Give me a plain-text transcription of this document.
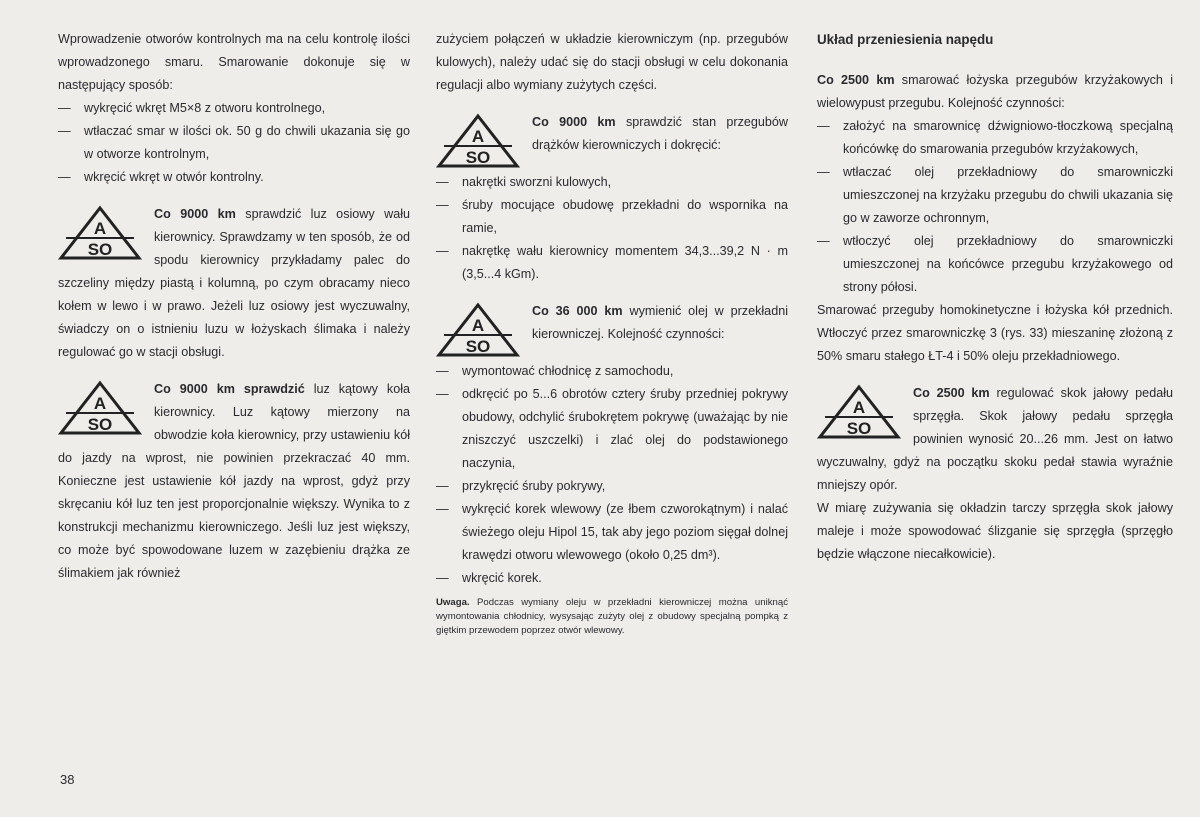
Wprowadzenie otworów kontrolnych ma na celu kontrolę ilości wprowadzonego smaru. Smarowanie dokonuje się w następujący sposób:

— wykręcić wkręt M5×8 z otworu kontrolnego,
— wtłaczać smar w ilości ok. 50 g do chwili ukazania się go w otworze kontrolnym,
— wkręcić wkręt w otwór kontrolny.
A
SO

Co 9000 km sprawdzić luz osiowy wału kierownicy. Sprawdzamy w ten sposób, że od spodu kierownicy przykładamy palec do szczeliny między piastą i kolumną, po czym obracamy nieco kołem w lewo i w prawo. Jeżeli luz osiowy jest wyczuwalny, świadczy on o istnieniu luzu w łożyskach ślimaka i należy regulować go w stacji obsługi.

A
SO

Co 9000 km sprawdzić luz kątowy koła kierownicy. Luz kątowy mierzony na obwodzie koła kierownicy, przy ustawieniu kół do jazdy na wprost, nie powinien przekraczać 40 mm. Konieczne jest ustawienie kół jazdy na wprost, gdyż przy skręcaniu kół luz ten jest proporcjonalnie większy. Wynika to z konstrukcji mechanizmu kierowniczego. Jeśli luz jest większy, co może być spowodowane luzem w zazębieniu drążka ze ślimakiem jak również

zużyciem połączeń w układzie kierowniczym (np. przegubów kulowych), należy udać się do stacji obsługi w celu dokonania regulacji albo wymiany zużytych części.

A
SO

Co 9000 km sprawdzić stan przegubów drążków kierowniczych i dokręcić:

— nakrętki sworzni kulowych,
— śruby mocujące obudowę przekładni do wspornika na ramie,
— nakrętkę wału kierownicy momentem 34,3...39,2 N · m (3,5...4 kGm).
A
SO

Co 36 000 km wymienić olej w przekładni kierowniczej. Kolejność czynności:

— wymontować chłodnicę z samochodu,
— odkręcić po 5...6 obrotów cztery śruby przedniej pokrywy obudowy, odchylić śrubokrętem pokrywę (uważając by nie zniszczyć uszczelki) i zlać olej do podstawionego naczynia,
— przykręcić śruby pokrywy,
— wykręcić korek wlewowy (ze łbem czworokątnym) i nalać świeżego oleju Hipol 15, tak aby jego poziom sięgał dolnej krawędzi otworu wlewowego (około 0,25 dm³).
— wkręcić korek.

Uwaga. Podczas wymiany oleju w przekładni kierowniczej można uniknąć wymontowania chłodnicy, wysysając zużyty olej z obudowy specjalną pompką z giętkim przewodem poprzez otwór wlewowy.

Układ przeniesienia napędu

Co 2500 km smarować łożyska przegubów krzyżakowych i wielowypust przegubu. Kolejność czynności:

— założyć na smarownicę dźwigniowo-tłoczkową specjalną końcówkę do smarowania przegubów krzyżakowych,
— wtłaczać olej przekładniowy do smarowniczki umieszczonej na krzyżaku przegubu do chwili ukazania się go w zaworze ochronnym,
— wtłoczyć olej przekładniowy do smarowniczki umieszczonej na końcówce przegubu krzyżakowego od strony półosi.

Smarować przeguby homokinetyczne i łożyska kół przednich. Wtłoczyć przez smarowniczkę 3 (rys. 33) mieszaninę złożoną z 50% smaru stałego ŁT-4 i 50% oleju przekładniowego.

A
SO

Co 2500 km regulować skok jałowy pedału sprzęgła. Skok jałowy pedału sprzęgła powinien wynosić 20...26 mm. Jest on łatwo wyczuwalny, gdyż na początku skoku pedał stawia wyraźnie mniejszy opór.

W miarę zużywania się okładzin tarczy sprzęgła skok jałowy maleje i może spowodować ślizganie się sprzęgła (sprzęgło będzie włączone niecałkowicie).

38
